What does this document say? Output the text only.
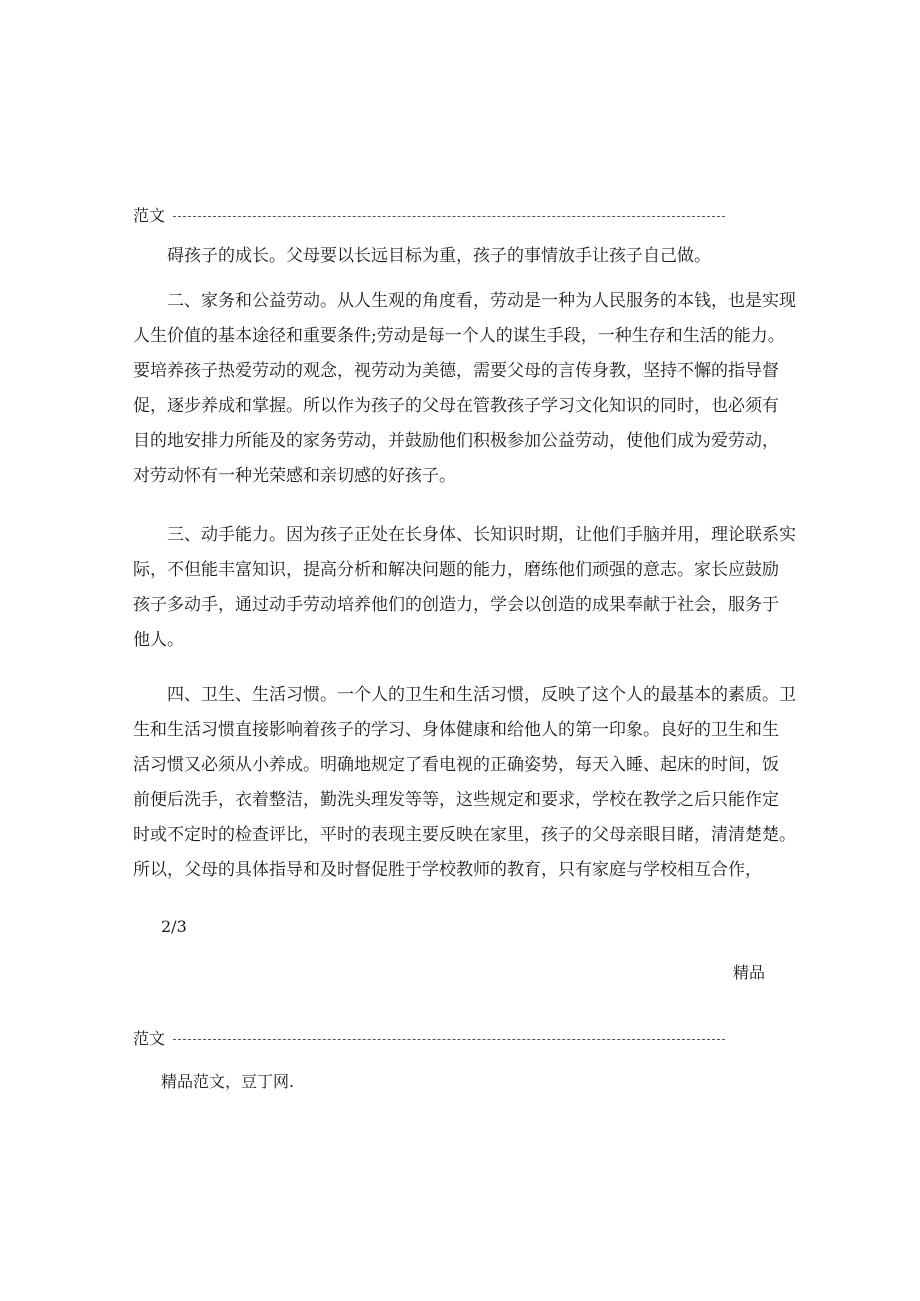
范文
　　碍孩子的成长。父母要以长远目标为重，孩子的事情放手让孩子自己做。
　　二、家务和公益劳动。从人生观的角度看，劳动是一种为人民服务的本钱，也是实现
人生价值的基本途径和重要条件;劳动是每一个人的谋生手段，一种生存和生活的能力。
要培养孩子热爱劳动的观念，视劳动为美德，需要父母的言传身教，坚持不懈的指导督
促，逐步养成和掌握。所以作为孩子的父母在管教孩子学习文化知识的同时，也必须有
目的地安排力所能及的家务劳动，并鼓励他们积极参加公益劳动，使他们成为爱劳动，
对劳动怀有一种光荣感和亲切感的好孩子。
　　三、动手能力。因为孩子正处在长身体、长知识时期，让他们手脑并用，理论联系实
际，不但能丰富知识，提高分析和解决问题的能力，磨练他们顽强的意志。家长应鼓励
孩子多动手，通过动手劳动培养他们的创造力，学会以创造的成果奉献于社会，服务于
他人。
　　四、卫生、生活习惯。一个人的卫生和生活习惯，反映了这个人的最基本的素质。卫
生和生活习惯直接影响着孩子的学习、身体健康和给他人的第一印象。良好的卫生和生
活习惯又必须从小养成。明确地规定了看电视的正确姿势，每天入睡、起床的时间，饭
前便后洗手，衣着整洁，勤洗头理发等等，这些规定和要求，学校在教学之后只能作定
时或不定时的检查评比，平时的表现主要反映在家里，孩子的父母亲眼目睹，清清楚楚。
所以，父母的具体指导和及时督促胜于学校教师的教育，只有家庭与学校相互合作，
2/3
精品
范文
精品范文，豆丁网.
